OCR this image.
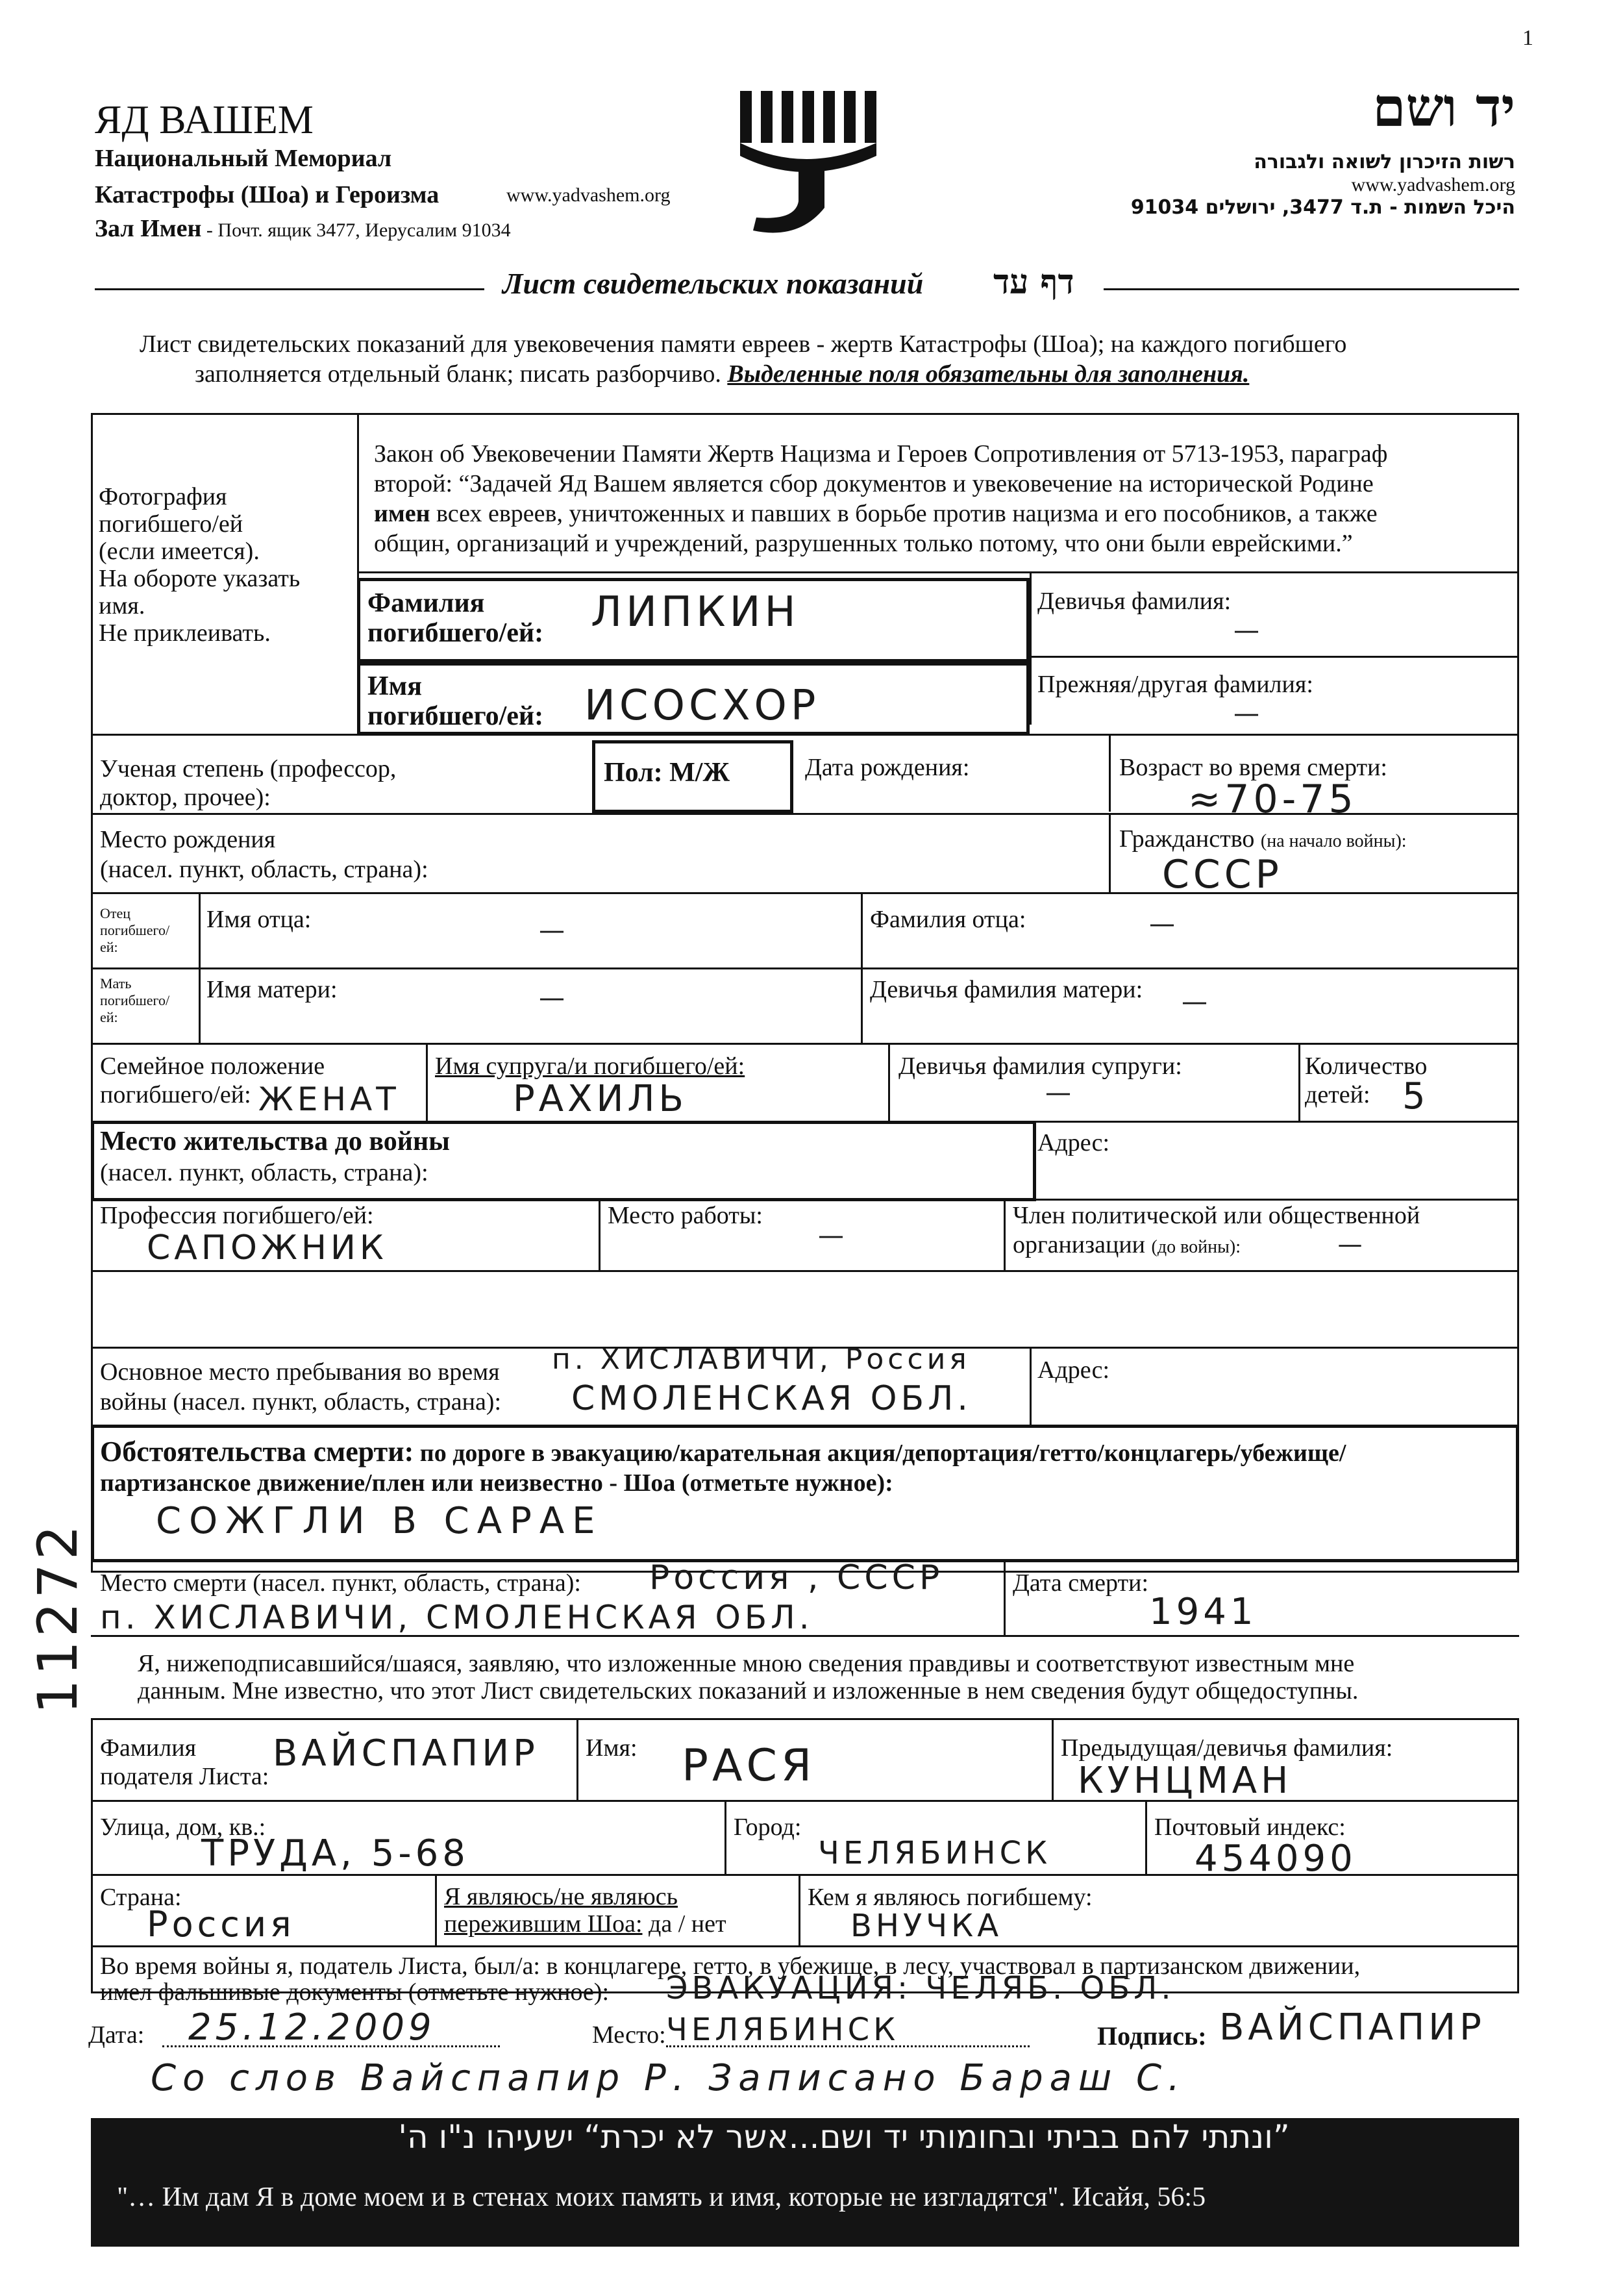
1
ЯД ВАШЕМ
Национальный Мемориал
Катастрофы (Шоа) и Героизма	www.yadvashem.org
Зал Имен - Почт. ящик 3477, Иерусалим 91034
יד ושם
רשות הזיכרון לשואה ולגבורה
www.yadvashem.org
היכל השמות - ת.ד 3477, ירושלים 91034
Лист свидетельских показаний דף עד
Лист свидетельских показаний для увековечения памяти евреев - жертв Катастрофы (Шоа); на каждого погибшего
заполняется отдельный бланк; писать разборчиво. Выделенные поля обязательны для заполнения.
Фотография
погибшего/ей
(если имеется).
На обороте указать
имя.
Не приклеивать.
Закон об Увековечении Памяти Жертв Нацизма и Героев Сопротивления от 5713-1953, параграф
второй: “Задачей Яд Вашем является сбор документов и увековечение на исторической Родине
имен всех евреев, уничтоженных и павших в борьбе против нацизма и его пособников, а также
общин, организаций и учреждений, разрушенных только потому, что они были еврейскими.”
Фамилия
погибшего/ей: ЛИПКИН	Девичья фамилия:
—
Имя
погибшего/ей: ИСОСХОР	Прежняя/другая фамилия:
—
Ученая степень (профессор,
доктор, прочее):
Пол: М/Ж	Дата рождения:	Возраст во время смерти:
≈70-75
Место рождения
(насел. пункт, область, страна):
Гражданство (на начало войны):
СССР
Отец
погибшего/
ей:
Имя отца:	—	Фамилия отца:	—
Мать
погибшего/
ей:
Имя матери:	—	Девичья фамилия матери: —
Семейное положение
погибшего/ей: ЖЕНАТ
Имя супруга/и погибшего/ей:
РАХИЛЬ
Девичья фамилия супруги:
—
Количество
детей: 5
Место жительства до войны
(насел. пункт, область, страна):
Адрес:
Профессия погибшего/ей:
САПОЖНИК
Место работы:
—
Член политической или общественной
организации (до войны):	—
Основное место пребывания во время
войны (насел. пункт, область, страна):
п. ХИСЛАВИЧИ, Россия
СМОЛЕНСКАЯ ОБЛ.
Адрес:
Обстоятельства смерти: по дороге в эвакуацию/карательная акция/депортация/гетто/концлагерь/убежище/
партизанское движение/плен или неизвестно - Шоа (отметьте нужное):
СОЖГЛИ В САРАЕ
Место смерти (насел. пункт, область, страна): Россия , СССР
п. ХИСЛАВИЧИ, СМОЛЕНСКАЯ ОБЛ.
Дата смерти:
1941
Я, нижеподписавшийся/шаяся, заявляю, что изложенные мною сведения правдивы и соответствуют известным мне
данным. Мне известно, что этот Лист свидетельских показаний и изложенные в нем сведения будут общедоступны.
Фамилия
подателя Листа:
ВАЙСПАПИР Имя: РАСЯ	Предыдущая/девичья фамилия:
КУНЦМАН
Улица, дом, кв.:
ТРУДА, 5-68
Город:
ЧЕЛЯБИНСК
Почтовый индекс:
454090
Страна:
Россия
Я являюсь/не являюсь
пережившим Шоа: да / нет
Кем я являюсь погибшему:
ВНУЧКА
Во время войны я, податель Листа, был/а: в концлагере, гетто, в убежище, в лесу, участвовал в партизанском движении,
имел фальшивые документы (отметьте нужное): ЭВАКУАЦИЯ: ЧЕЛЯБ. ОБЛ.
Дата: 25.12.2009	Место: ЧЕЛЯБИНСК	Подпись: ВАЙСПАПИР
Со слов Вайспапир Р. Записано Бараш С.
11272
”ונתתי להם בביתי ובחומותי יד ושם...אשר לא יכרת“ ישעיהו נ"ו ה'
"… Им дам Я в доме моем и в стенах моих память и имя, которые не изгладятся". Исайя, 56:5
